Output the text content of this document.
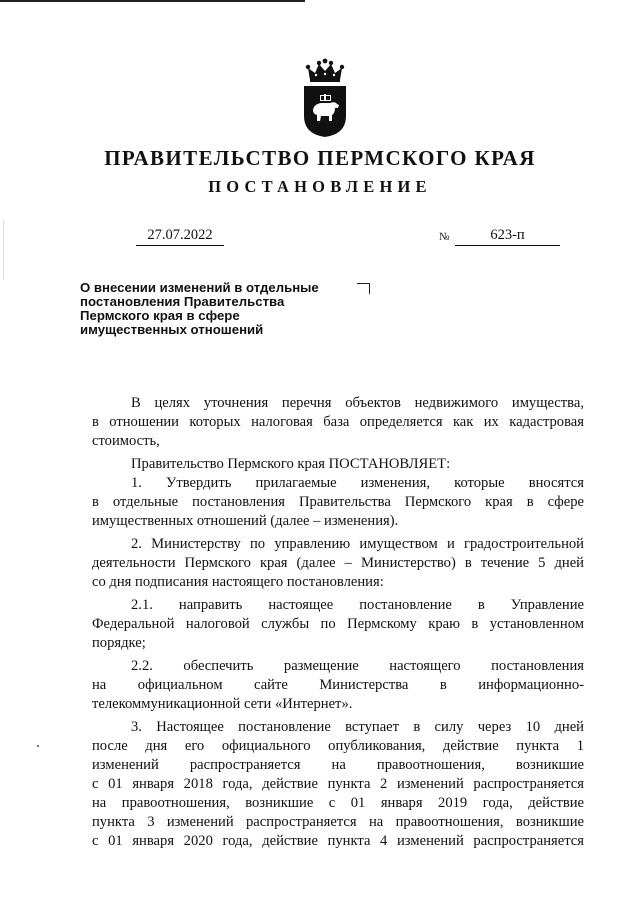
ПРАВИТЕЛЬСТВО ПЕРМСКОГО КРАЯ
ПОСТАНОВЛЕНИЕ
27.07.2022	№	623-п
О внесении изменений в отдельные
постановления Правительства
Пермского края в сфере
имущественных отношений

В целях уточнения перечня объектов недвижимого имущества,

в отношении которых налоговая база определяется как их кадастровая

стоимость,

Правительство Пермского края ПОСТАНОВЛЯЕТ:

1. Утвердить прилагаемые изменения, которые вносятся

в отдельные постановления Правительства Пермского края в сфере

имущественных отношений (далее – изменения).

2. Министерству по управлению имуществом и градостроительной

деятельности Пермского края (далее – Министерство) в течение 5 дней

со дня подписания настоящего постановления:

2.1. направить настоящее постановление в Управление

Федеральной налоговой службы по Пермскому краю в установленном

порядке;

2.2. обеспечить размещение настоящего постановления

на официальном сайте Министерства в информационно-

телекоммуникационной сети «Интернет».

3. Настоящее постановление вступает в силу через 10 дней

после дня его официального опубликования, действие пункта 1

изменений распространяется на правоотношения, возникшие

с 01 января 2018 года, действие пункта 2 изменений распространяется

на правоотношения, возникшие с 01 января 2019 года, действие

пункта 3 изменений распространяется на правоотношения, возникшие

с 01 января 2020 года, действие пункта 4 изменений распространяется
